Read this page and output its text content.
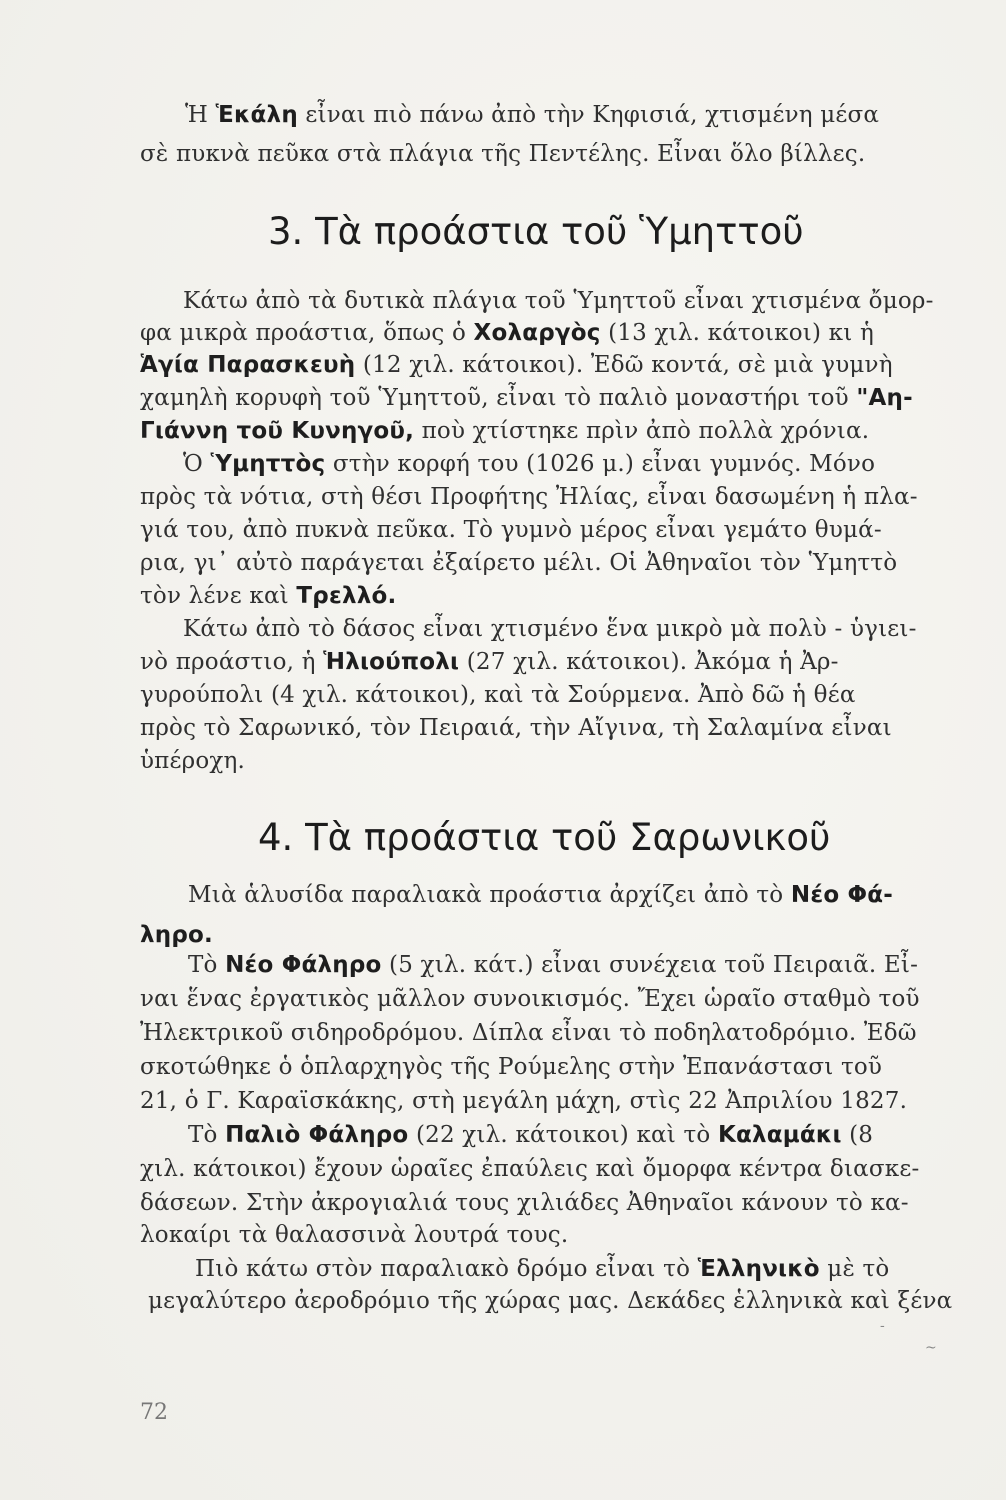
Ἡ Ἑκάλη εἶναι πιὸ πάνω ἀπὸ τὴν Κηφισιά, χτισμένη μέσα
σὲ πυκνὰ πεῦκα στὰ πλάγια τῆς Πεντέλης. Εἶναι ὅλο βίλλες.
3. Τὰ προάστια τοῦ Ὑμηττοῦ
Κάτω ἀπὸ τὰ δυτικὰ πλάγια τοῦ Ὑμηττοῦ εἶναι χτισμένα ὄμορ-
φα μικρὰ προάστια, ὅπως ὁ Χολαργὸς (13 χιλ. κάτοικοι) κι ἡ
Ἁγία Παρασκευὴ (12 χιλ. κάτοικοι). Ἐδῶ κοντά, σὲ μιὰ γυμνὴ
χαμηλὴ κορυφὴ τοῦ Ὑμηττοῦ, εἶναι τὸ παλιὸ μοναστήρι τοῦ "Αη-
Γιάννη τοῦ Κυνηγοῦ, ποὺ χτίστηκε πρὶν ἀπὸ πολλὰ χρόνια.
Ὁ Ὑμηττὸς στὴν κορφή του (1026 μ.) εἶναι γυμνός. Μόνο
πρὸς τὰ νότια, στὴ θέσι Προφήτης Ἠλίας, εἶναι δασωμένη ἡ πλα-
γιά του, ἀπὸ πυκνὰ πεῦκα. Τὸ γυμνὸ μέρος εἶναι γεμάτο θυμά-
ρια, γι᾿ αὐτὸ παράγεται ἐξαίρετο μέλι. Οἱ Ἀθηναῖοι τὸν Ὑμηττὸ
τὸν λένε καὶ Τρελλό.
Κάτω ἀπὸ τὸ δάσος εἶναι χτισμένο ἕνα μικρὸ μὰ πολὺ - ὑγιει-
νὸ προάστιο, ἡ Ἡλιούπολι (27 χιλ. κάτοικοι). Ἀκόμα ἡ Ἀρ-
γυρούπολι (4 χιλ. κάτοικοι), καὶ τὰ Σούρμενα. Ἀπὸ δῶ ἡ θέα
πρὸς τὸ Σαρωνικό, τὸν Πειραιά, τὴν Αἴγινα, τὴ Σαλαμίνα εἶναι
ὑπέροχη.
4. Τὰ προάστια τοῦ Σαρωνικοῦ
Μιὰ ἁλυσίδα παραλιακὰ προάστια ἀρχίζει ἀπὸ τὸ Νέο Φά-
ληρο.
Τὸ Νέο Φάληρο (5 χιλ. κάτ.) εἶναι συνέχεια τοῦ Πειραιᾶ. Εἶ-
ναι ἕνας ἐργατικὸς μᾶλλον συνοικισμός. Ἔχει ὡραῖο σταθμὸ τοῦ
Ἠλεκτρικοῦ σιδηροδρόμου. Δίπλα εἶναι τὸ ποδηλατοδρόμιο. Ἐδῶ
σκοτώθηκε ὁ ὁπλαρχηγὸς τῆς Ρούμελης στὴν Ἐπανάστασι τοῦ
21, ὁ Γ. Καραϊσκάκης, στὴ μεγάλη μάχη, στὶς 22 Ἀπριλίου 1827.
Τὸ Παλιὸ Φάληρο (22 χιλ. κάτοικοι) καὶ τὸ Καλαμάκι (8
χιλ. κάτοικοι) ἔχουν ὡραῖες ἐπαύλεις καὶ ὄμορφα κέντρα διασκε-
δάσεων. Στὴν ἀκρογιαλιά τους χιλιάδες Ἀθηναῖοι κάνουν τὸ κα-
λοκαίρι τὰ θαλασσινὰ λουτρά τους.
Πιὸ κάτω στὸν παραλιακὸ δρόμο εἶναι τὸ Ἑλληνικὸ μὲ τὸ
μεγαλύτερο ἀεροδρόμιο τῆς χώρας μας. Δεκάδες ἑλληνικὰ καὶ ξένα
-
~
72
